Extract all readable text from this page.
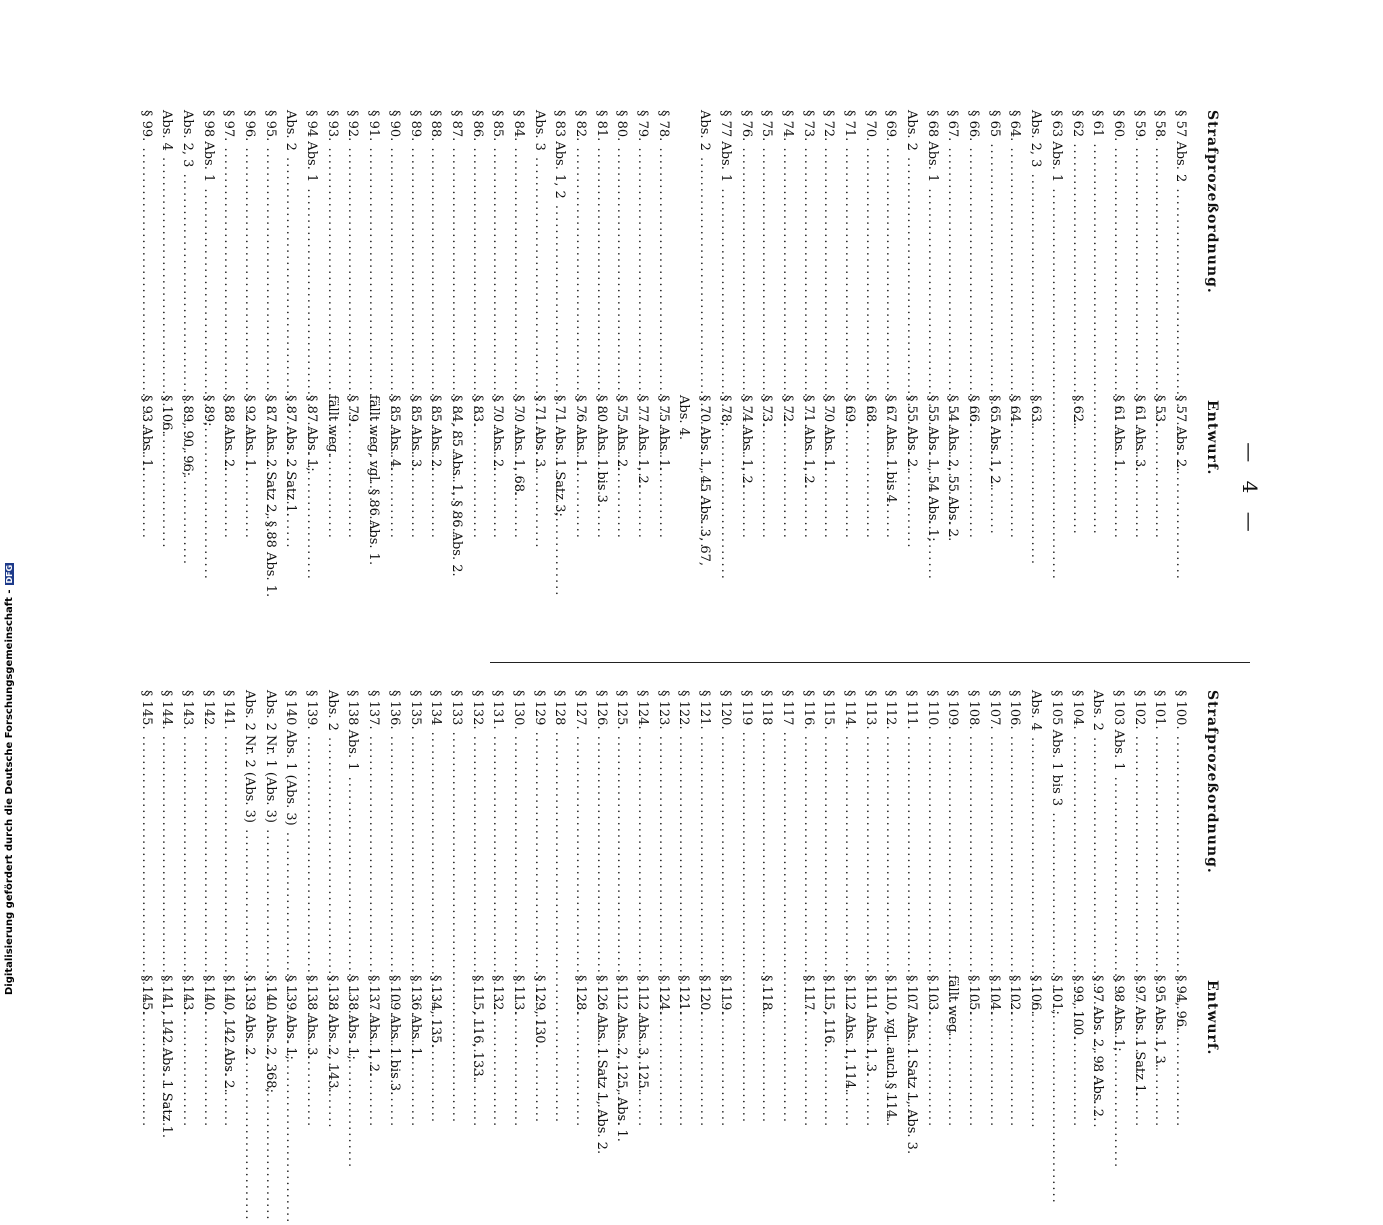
— 4 —
Strafprozeßordnung.
Entwurf.
§ 57 Abs. 2 .....
§ 57 Abs. 2.
§ 58. .....
§ 53.
§ 59. .....
§ 61 Abs. 3.
§ 60. .....
§ 61 Abs. 1.
§ 61 .....
§ 62 .....
§ 62.
§ 63 Abs. 1 .....
Abs. 2, 3 .....
§ 63.
§ 64. .....
§ 64.
§ 65 .....
§ 65 Abs. 1, 2.
§ 66. .....
§ 66.
§ 67. .....
§ 54 Abs. 2, 55 Abs. 2.
§ 68 Abs. 1 .....
§ 55 Abs. 1, 54 Abs. 1;
Abs. 2 .....
§ 55 Abs. 2.
§ 69. .....
§ 67 Abs. 1 bis 4.
§ 70. .....
§ 68.
§ 71. .....
§ 69.
§ 72. .....
§ 70 Abs. 1.
§ 73. .....
§ 71 Abs. 1, 2.
§ 74. .....
§ 72.
§ 75. .....
§ 73.
§ 76. .....
§ 74 Abs. 1, 2.
§ 77 Abs. 1 .....
§ 78;
Abs. 2 .....
§ 70 Abs. 1, 45 Abs. 3, 67,
Abs. 4.
§ 78. .....
§ 75 Abs. 1.
§ 79. .....
§ 77 Abs. 1, 2.
§ 80. .....
§ 75 Abs. 2.
§ 81. .....
§ 80 Abs. 1 bis 3.
§ 82. .....
§ 76 Abs. 1.
§ 83 Abs. 1, 2 .....
§ 71 Abs. 1 Satz 3;
Abs. 3 .....
§ 71 Abs. 3.
§ 84. .....
§ 70 Abs. 1, 68.
§ 85. .....
§ 70 Abs. 2.
§ 86. .....
§ 83.
§ 87. .....
§ 84, 85 Abs. 1, § 86 Abs. 2.
§ 88. .....
§ 85 Abs. 2.
§ 89. .....
§ 85 Abs. 3.
§ 90. .....
§ 85 Abs. 4.
§ 91. .....
fällt weg, vgl. § 86 Abs. 1.
§ 92. .....
§ 79.
§ 93. .....
fällt weg.
§ 94 Abs. 1 .....
§ 87 Abs. 1;
Abs. 2 .....
§ 87 Abs. 2 Satz 1.
§ 95. .....
§ 87 Abs. 2 Satz 2, § 88 Abs. 1.
§ 96. .....
§ 92 Abs. 1.
§ 97. .....
§ 88 Abs. 2.
§ 98 Abs. 1 .....
§ 89;
Abs. 2, 3 .....
§ 89, 90, 96;
Abs. 4 .....
§ 106.
§ 99. .....
§ 93 Abs. 1.
Strafprozeßordnung.
Entwurf.
§ 100. .....
§ 94, 96.
§ 101. .....
§ 95 Abs. 1, 3.
§ 102. .....
§ 97 Abs. 1 Satz 1.
§ 103 Abs. 1 .....
§ 98 Abs. 1;
Abs. 2 .....
§ 97 Abs. 2, 98 Abs. 2.
§ 104. .....
§ 99, 100.
§ 105 Abs. 1 bis 3 .....
§ 101;
Abs. 4 .....
§ 106.
§ 106. .....
§ 102.
§ 107. .....
§ 104.
§ 108. .....
§ 105.
§ 109. .....
fällt weg.
§ 110. .....
§ 103.
§ 111. .....
§ 107 Abs. 1 Satz 1, Abs. 3.
§ 112. .....
§ 110, vgl. auch § 114.
§ 113. .....
§ 111 Abs. 1, 3.
§ 114. .....
§ 112 Abs. 1, 114.
§ 115. .....
§ 115, 116.
§ 116. .....
§ 117.
§ 117 .....
§ 118 .....
§ 118.
§ 119 .....
§ 120. .....
§ 119.
§ 121. .....
§ 120.
§ 122. .....
§ 121.
§ 123. .....
§ 124.
§ 124. .....
§ 112 Abs. 3, 125.
§ 125. .....
§ 112 Abs. 2, 125, Abs. 1.
§ 126. .....
§ 126 Abs. 1 Satz 1, Abs. 2.
§ 127. .....
§ 128.
§ 128 .....
§ 129 .....
§ 129, 130.
§ 130. .....
§ 113.
§ 131. .....
§ 132.
§ 132. .....
§ 115, 116, 133.
§ 133 .....
§ 134 .....
§ 134, 135.
§ 135. .....
§ 136 Abs. 1.
§ 136. .....
§ 109 Abs. 1 bis 3.
§ 137. .....
§ 137 Abs. 1, 2.
§ 138 Abs. 1 .....
§ 138 Abs. 1;
Abs. 2 .....
§ 138 Abs. 2, 143.
§ 139. .....
§ 138 Abs. 3.
§ 140 Abs. 1 (Abs. 3) .....
§ 139 Abs. 1;
Abs. 2 Nr. 1 (Abs. 3) .....
§ 140 Abs. 2, 368;
Abs. 2 Nr. 2 (Abs. 3) .....
§ 139 Abs. 2.
§ 141. .....
§ 140, 142 Abs. 2.
§ 142. .....
§ 140.
§ 143. .....
§ 143.
§ 144. .....
§ 141, 142 Abs. 1 Satz 1.
§ 145. .....
§ 145.
Digitalisierung gefördert durch die Deutsche Forschungsgemeinschaft -DFG
